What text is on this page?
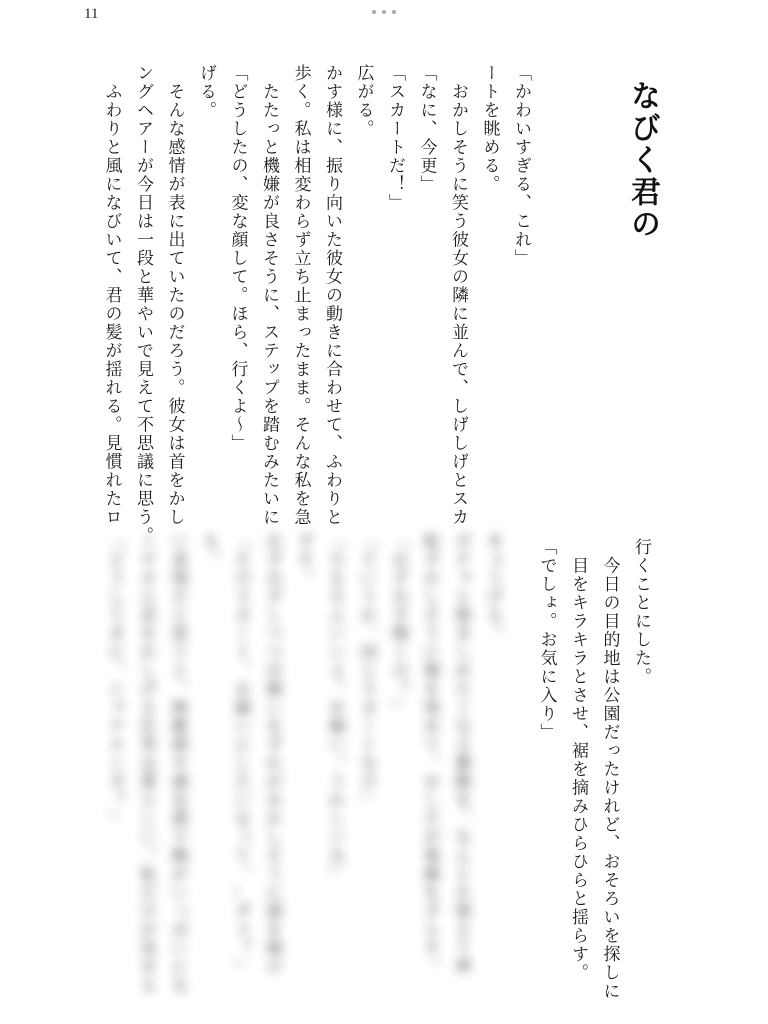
11
なびく君の
「かわいすぎる、これ」
ートを眺める。
　おかしそうに笑う彼女の隣に並んで、しげしげとスカ
「なに、今更」
「スカートだ！」
広がる。
かす様に、振り向いた彼女の動きに合わせて、ふわりと
歩く。私は相変わらず立ち止まったまま。そんな私を急
　たたっと機嫌が良さそうに、ステップを踏むみたいに
「どうしたの、変な顔して。ほら、行くよ〜」
げる。
　そんな感情が表に出ていたのだろう。彼女は首をかし
ングヘアーが今日は一段と華やいで見えて不思議に思う。
　ふわりと風になびいて、君の髪が揺れる。見慣れたロ
行くことにした。
　今日の目的地は公園だったけれど、おそろいを探しに
　目をキラキラとさせ、裾を摘みひらひらと揺らす。
「でしょ。お気に入り」
きょうげる。
ボチャと抱きしめたくなる衝動を、なんとか堪えて伸
恥ずかしそうに頬を染めて、おしだが視線をずらす。
「おずおず聞くの？」
「でいうか、同じスカートなの」
「ちもちんいいよ。お揃い。うれしいな」
ずそ。
おずおずしつつ目線いをずれがおかしそうに頭を傾け
「そのスカート、お揃いにしたいなって、…ダメ？」
も。
い表現だと思うと、無敵感や満足感で胸がいっぱいにな
ミヤさん首をかしげる仕草は愛らしい。私だけが見せる
「どうしてきに、シャナエンダ？」
